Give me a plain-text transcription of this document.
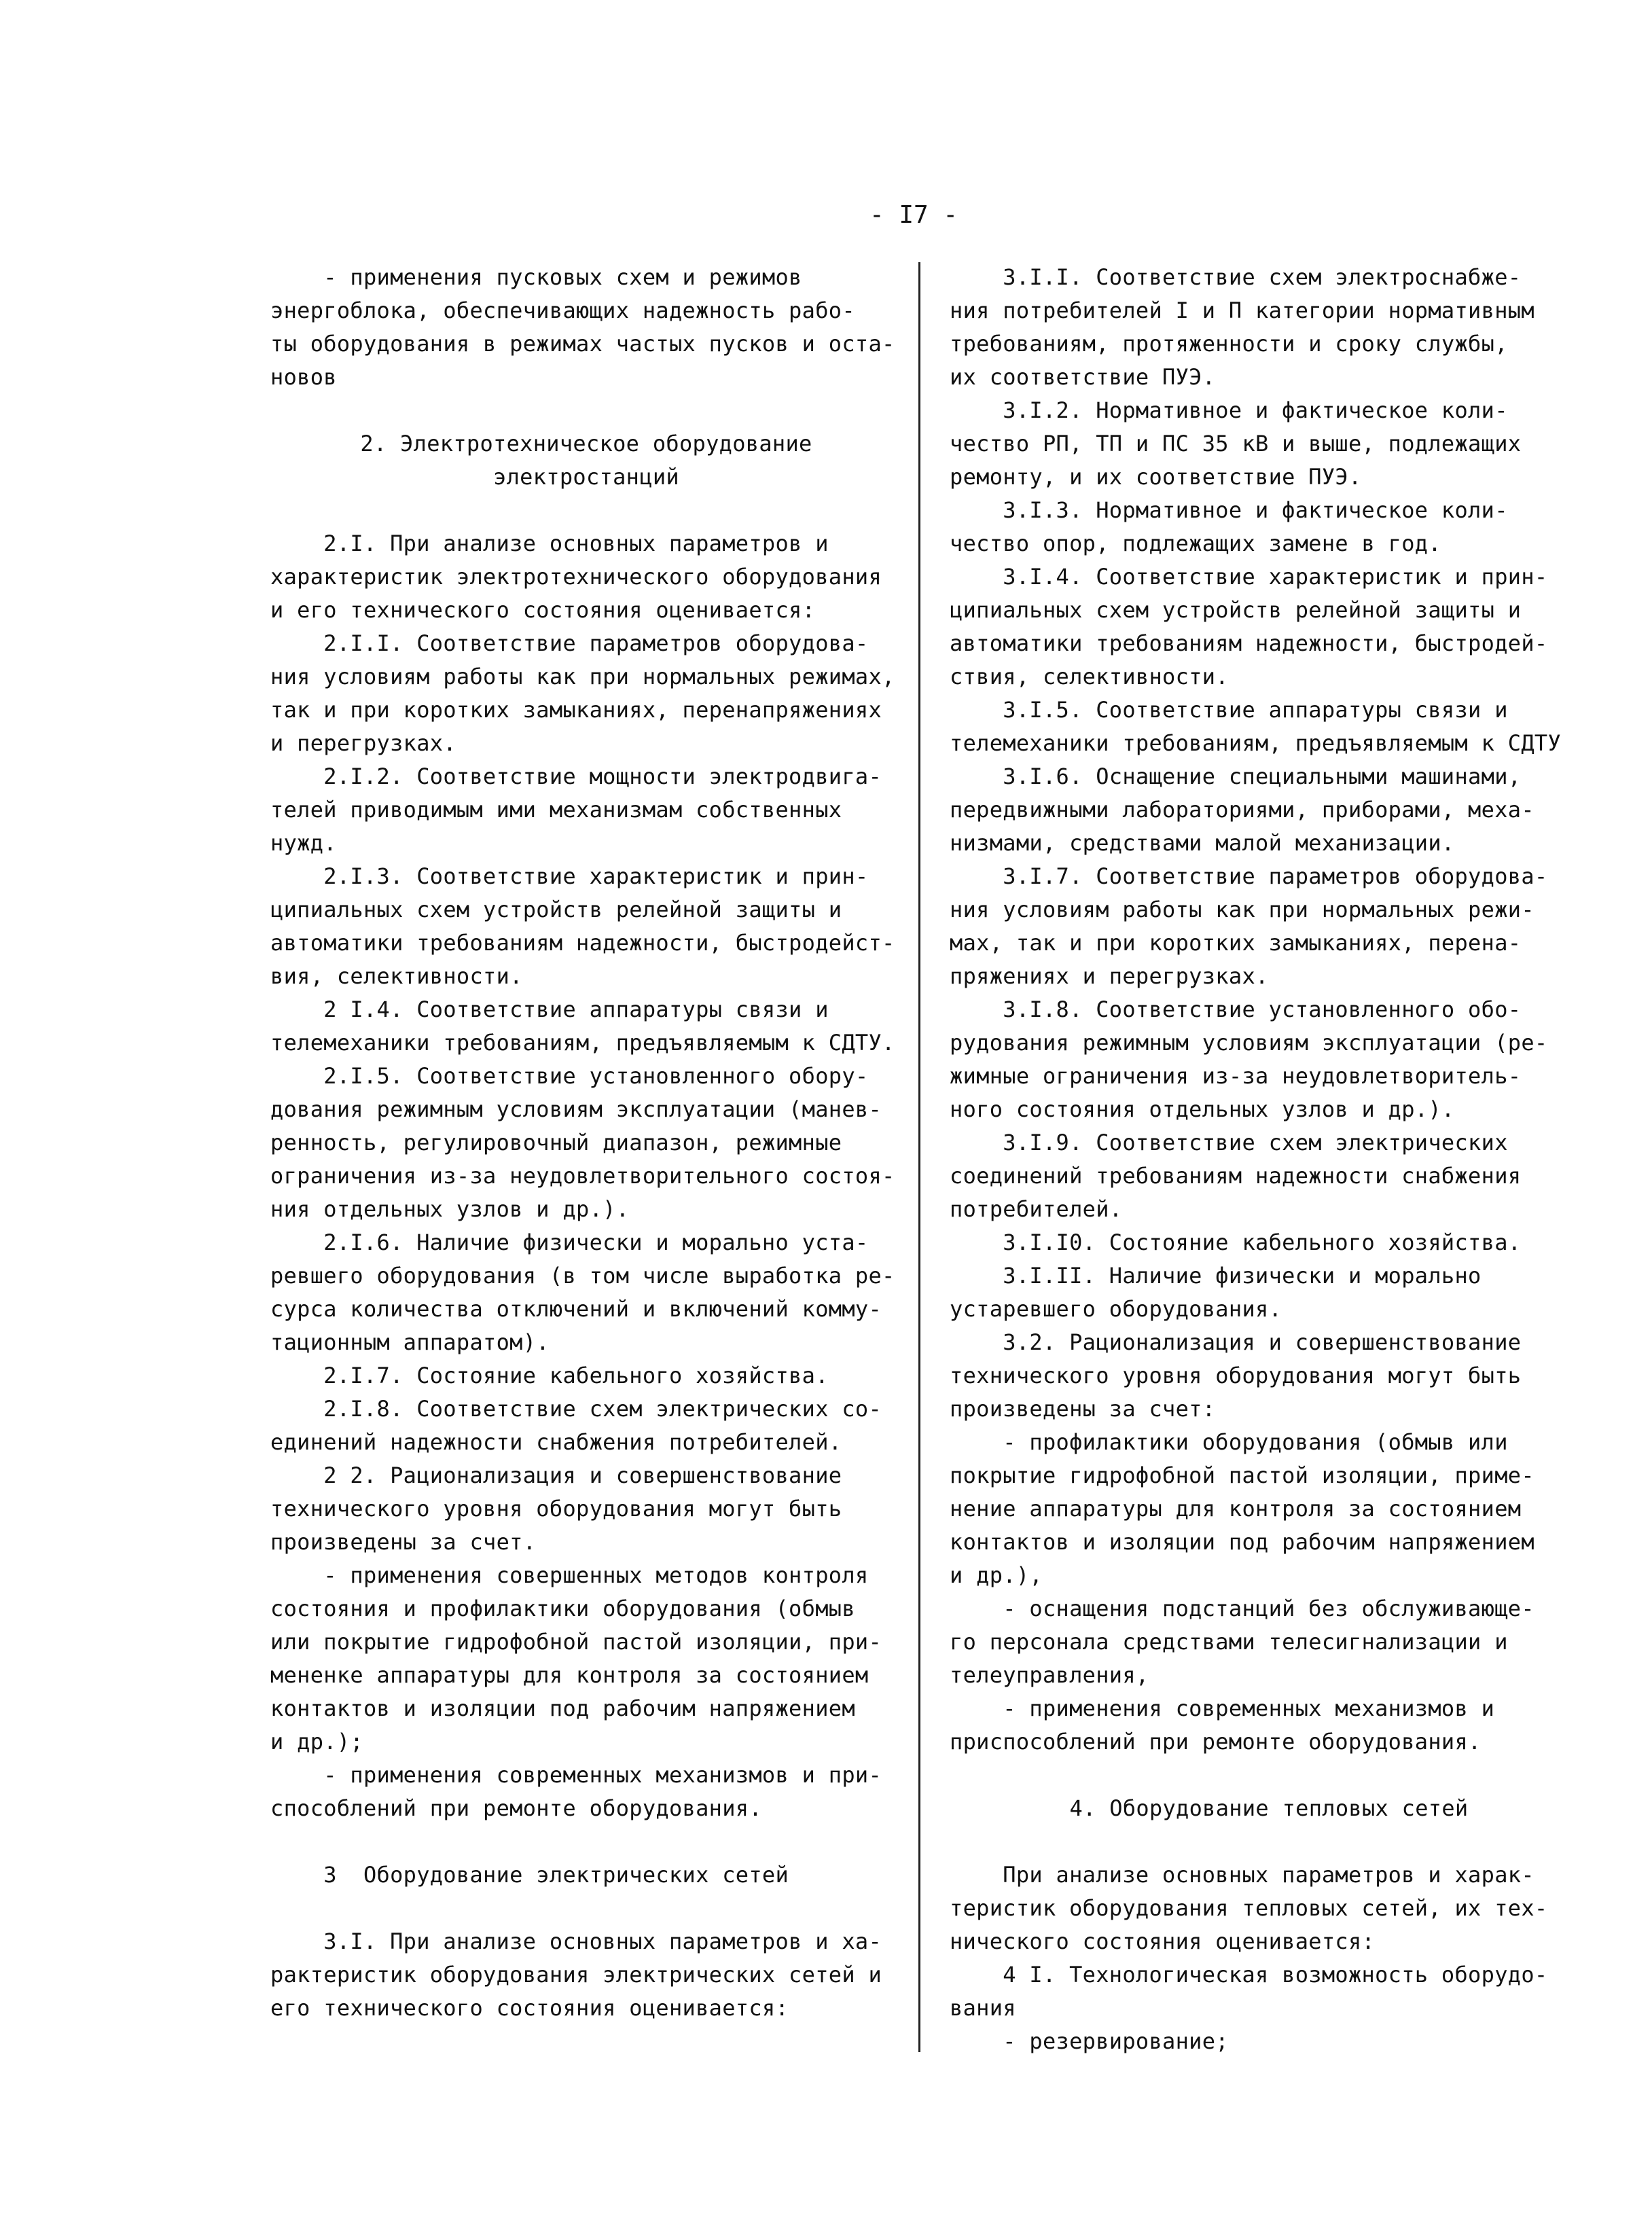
- I7 -
- применения пусковых схем и режимов
энергоблока, обеспечивающих надежность рабо-
ты оборудования в режимах частых пусков и оста-
новов
2. Электротехническое оборудование
электростанций
2.I. При анализе основных параметров и
характеристик электротехнического оборудования
и его технического состояния оценивается:
2.I.I. Соответствие параметров оборудова-
ния условиям работы как при нормальных режимах,
так и при коротких замыканиях, перенапряжениях
и перегрузках.
2.I.2. Соответствие мощности электродвига-
телей приводимым ими механизмам собственных
нужд.
2.I.3. Соответствие характеристик и прин-
ципиальных схем устройств релейной защиты и
автоматики требованиям надежности, быстродейст-
вия, селективности.
2 I.4. Соответствие аппаратуры связи и
телемеханики требованиям, предъявляемым к СДТУ.
2.I.5. Соответствие установленного обору-
дования режимным условиям эксплуатации (манев-
ренность, регулировочный диапазон, режимные
ограничения из-за неудовлетворительного состоя-
ния отдельных узлов и др.).
2.I.6. Наличие физически и морально уста-
ревшего оборудования (в том числе выработка ре-
сурса количества отключений и включений комму-
тационным аппаратом).
2.I.7. Состояние кабельного хозяйства.
2.I.8. Соответствие схем электрических со-
единений надежности снабжения потребителей.
2 2. Рационализация и совершенствование
технического уровня оборудования могут быть
произведены за счет.
- применения совершенных методов контроля
состояния и профилактики оборудования (обмыв
или покрытие гидрофобной пастой изоляции, при-
мененке аппаратуры для контроля за состоянием
контактов и изоляции под рабочим напряжением
и др.);
- применения современных механизмов и при-
способлений при ремонте оборудования.
3  Оборудование электрических сетей
3.I. При анализе основных параметров и ха-
рактеристик оборудования электрических сетей и
его технического состояния оценивается:
3.I.I. Соответствие схем электроснабже-
ния потребителей I и П категории нормативным
требованиям, протяженности и сроку службы,
их соответствие ПУЭ.
3.I.2. Нормативное и фактическое коли-
чество РП, ТП и ПС 35 кВ и выше, подлежащих
ремонту, и их соответствие ПУЭ.
3.I.3. Нормативное и фактическое коли-
чество опор, подлежащих замене в год.
3.I.4. Соответствие характеристик и прин-
ципиальных схем устройств релейной защиты и
автоматики требованиям надежности, быстродей-
ствия, селективности.
3.I.5. Соответствие аппаратуры связи и
телемеханики требованиям, предъявляемым к СДТУ
3.I.6. Оснащение специальными машинами,
передвижными лабораториями, приборами, меха-
низмами, средствами малой механизации.
3.I.7. Соответствие параметров оборудова-
ния условиям работы как при нормальных режи-
мах, так и при коротких замыканиях, перена-
пряжениях и перегрузках.
3.I.8. Соответствие установленного обо-
рудования режимным условиям эксплуатации (ре-
жимные ограничения из-за неудовлетворитель-
ного состояния отдельных узлов и др.).
3.I.9. Соответствие схем электрических
соединений требованиям надежности снабжения
потребителей.
3.I.I0. Состояние кабельного хозяйства.
3.I.II. Наличие физически и морально
устаревшего оборудования.
3.2. Рационализация и совершенствование
технического уровня оборудования могут быть
произведены за счет:
- профилактики оборудования (обмыв или
покрытие гидрофобной пастой изоляции, приме-
нение аппаратуры для контроля за состоянием
контактов и изоляции под рабочим напряжением
и др.),
- оснащения подстанций без обслуживающе-
го персонала средствами телесигнализации и
телеуправления,
- применения современных механизмов и
приспособлений при ремонте оборудования.
4. Оборудование тепловых сетей
При анализе основных параметров и харак-
теристик оборудования тепловых сетей, их тех-
нического состояния оценивается:
4 I. Технологическая возможность оборудо-
вания
- резервирование;
